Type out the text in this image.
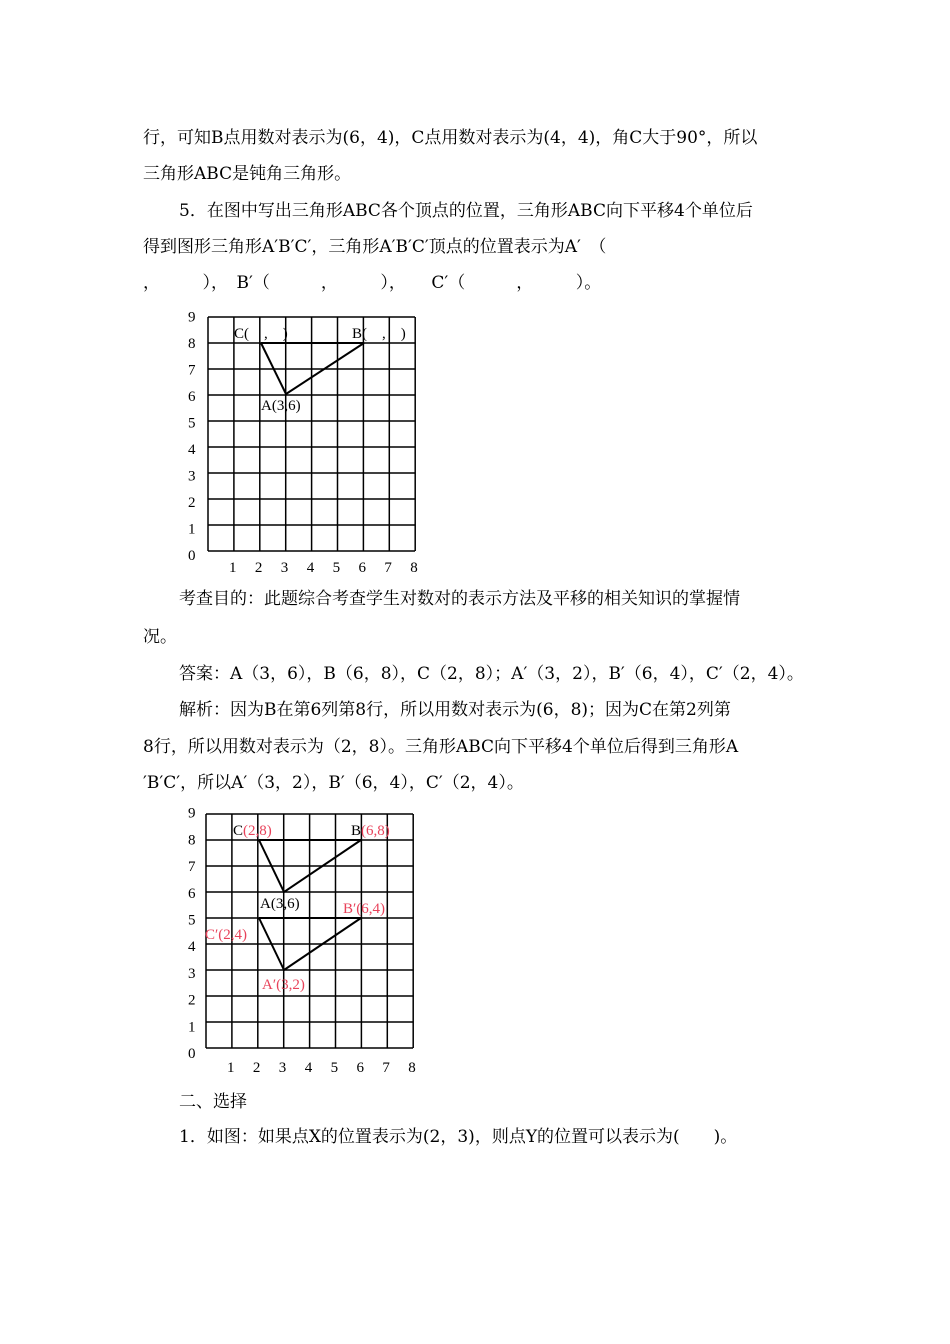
行，可知B点用数对表示为(6，4)，C点用数对表示为(4，4)，角C大于90°，所以
三角形ABC是钝角三角形。
5．在图中写出三角形ABC各个顶点的位置，三角形ABC向下平移4个单位后
得到图形三角形A′B′C′，三角形A′B′C′顶点的位置表示为A′　（
，　　　），　B′（　　　，　　　），　　C′（　　　，　　　）。
0
1
2
3
4
5
6
7
8
9
1 2 3 4 5 6 7 8
C(　,　)	B(　,　)
A(3,6)
考查目的：此题综合考查学生对数对的表示方法及平移的相关知识的掌握情
况。
答案：A（3，6），B（6，8），C（2，8）；A′（3，2），B′（6，4），C′（2，4）。
解析：因为B在第6列第8行，所以用数对表示为(6，8)；因为C在第2列第
8行，所以用数对表示为（2，8）。三角形ABC向下平移4个单位后得到三角形A
′B′C′，所以A′（3，2），B′（6，4），C′（2，4）。
0
1
2
3
4
5
6
7
8
9
1 2 3 4 5 6 7 8
C(2,8)	B(6,8)
A(3,6)	B′(6,4)
C′(2,4)
A′(3,2)
二、选择
1．如图：如果点X的位置表示为(2，3)，则点Y的位置可以表示为(　　)。
